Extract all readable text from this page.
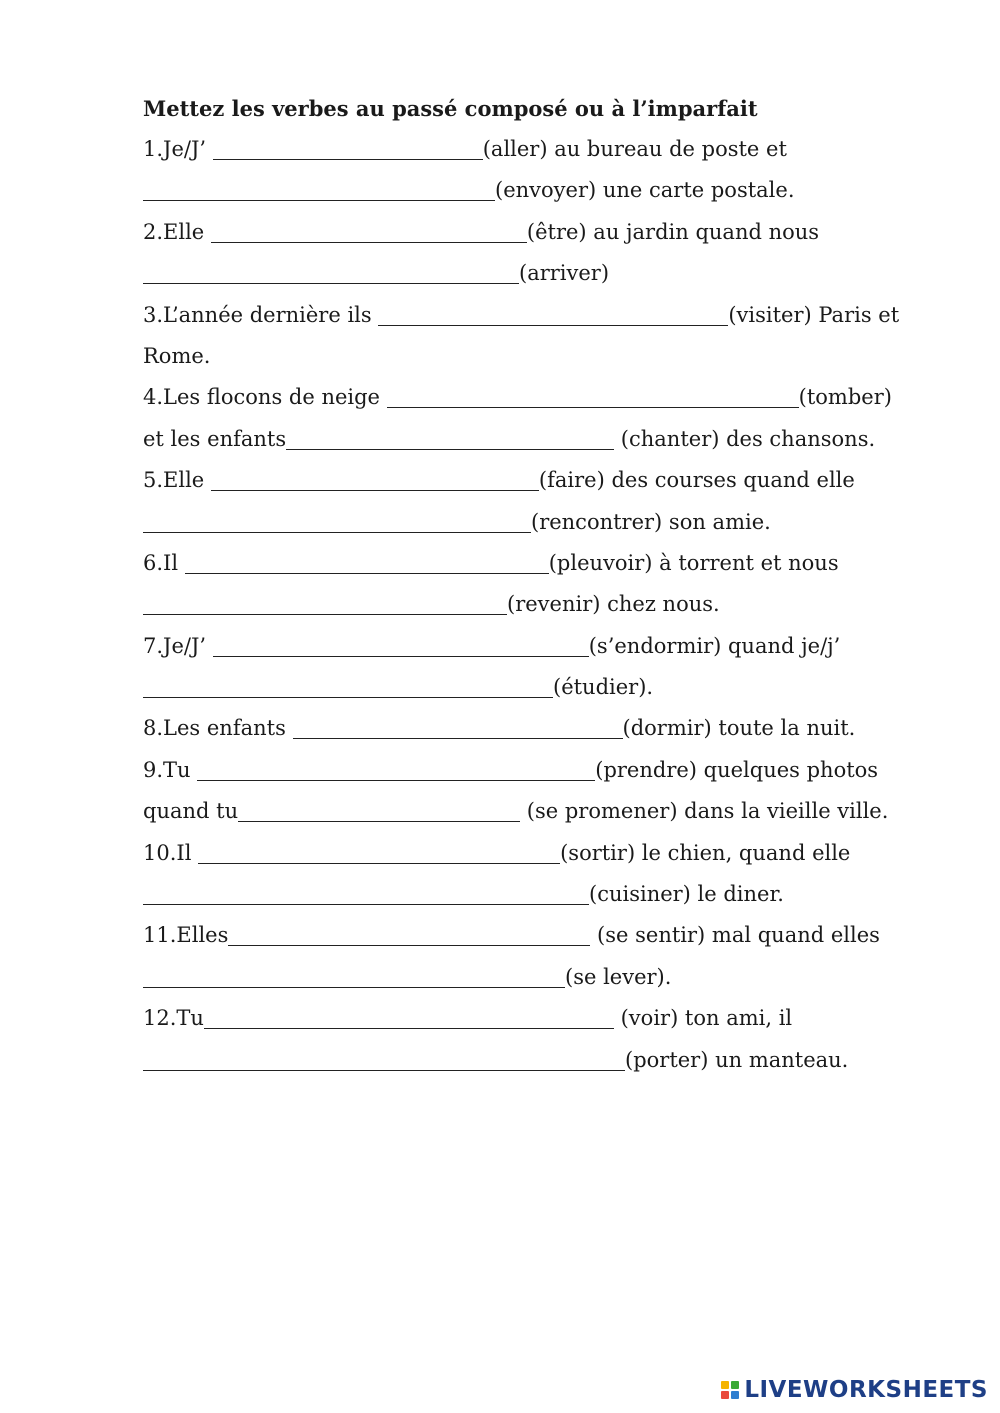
Mettez les verbes au passé composé ou à l’imparfait
1.Je/J’	(aller) au bureau de poste et
(envoyer) une carte postale.
2.Elle	(être) au jardin quand nous
(arriver)
3.L’année dernière ils	(visiter) Paris et
Rome.
4.Les flocons de neige	(tomber)
et les enfants	(chanter) des chansons.
5.Elle	(faire) des courses quand elle
(rencontrer) son amie.
6.Il	(pleuvoir) à torrent et nous
(revenir) chez nous.
7.Je/J’	(s’endormir) quand je/j’
(étudier).
8.Les enfants	(dormir) toute la nuit.
9.Tu	(prendre) quelques photos
quand tu	(se promener) dans la vieille ville.
10.Il	(sortir) le chien, quand elle
(cuisiner) le diner.
11.Elles	(se sentir) mal quand elles
(se lever).
12.Tu	(voir) ton ami, il
(porter) un manteau.
LIVEWORKSHEETS
